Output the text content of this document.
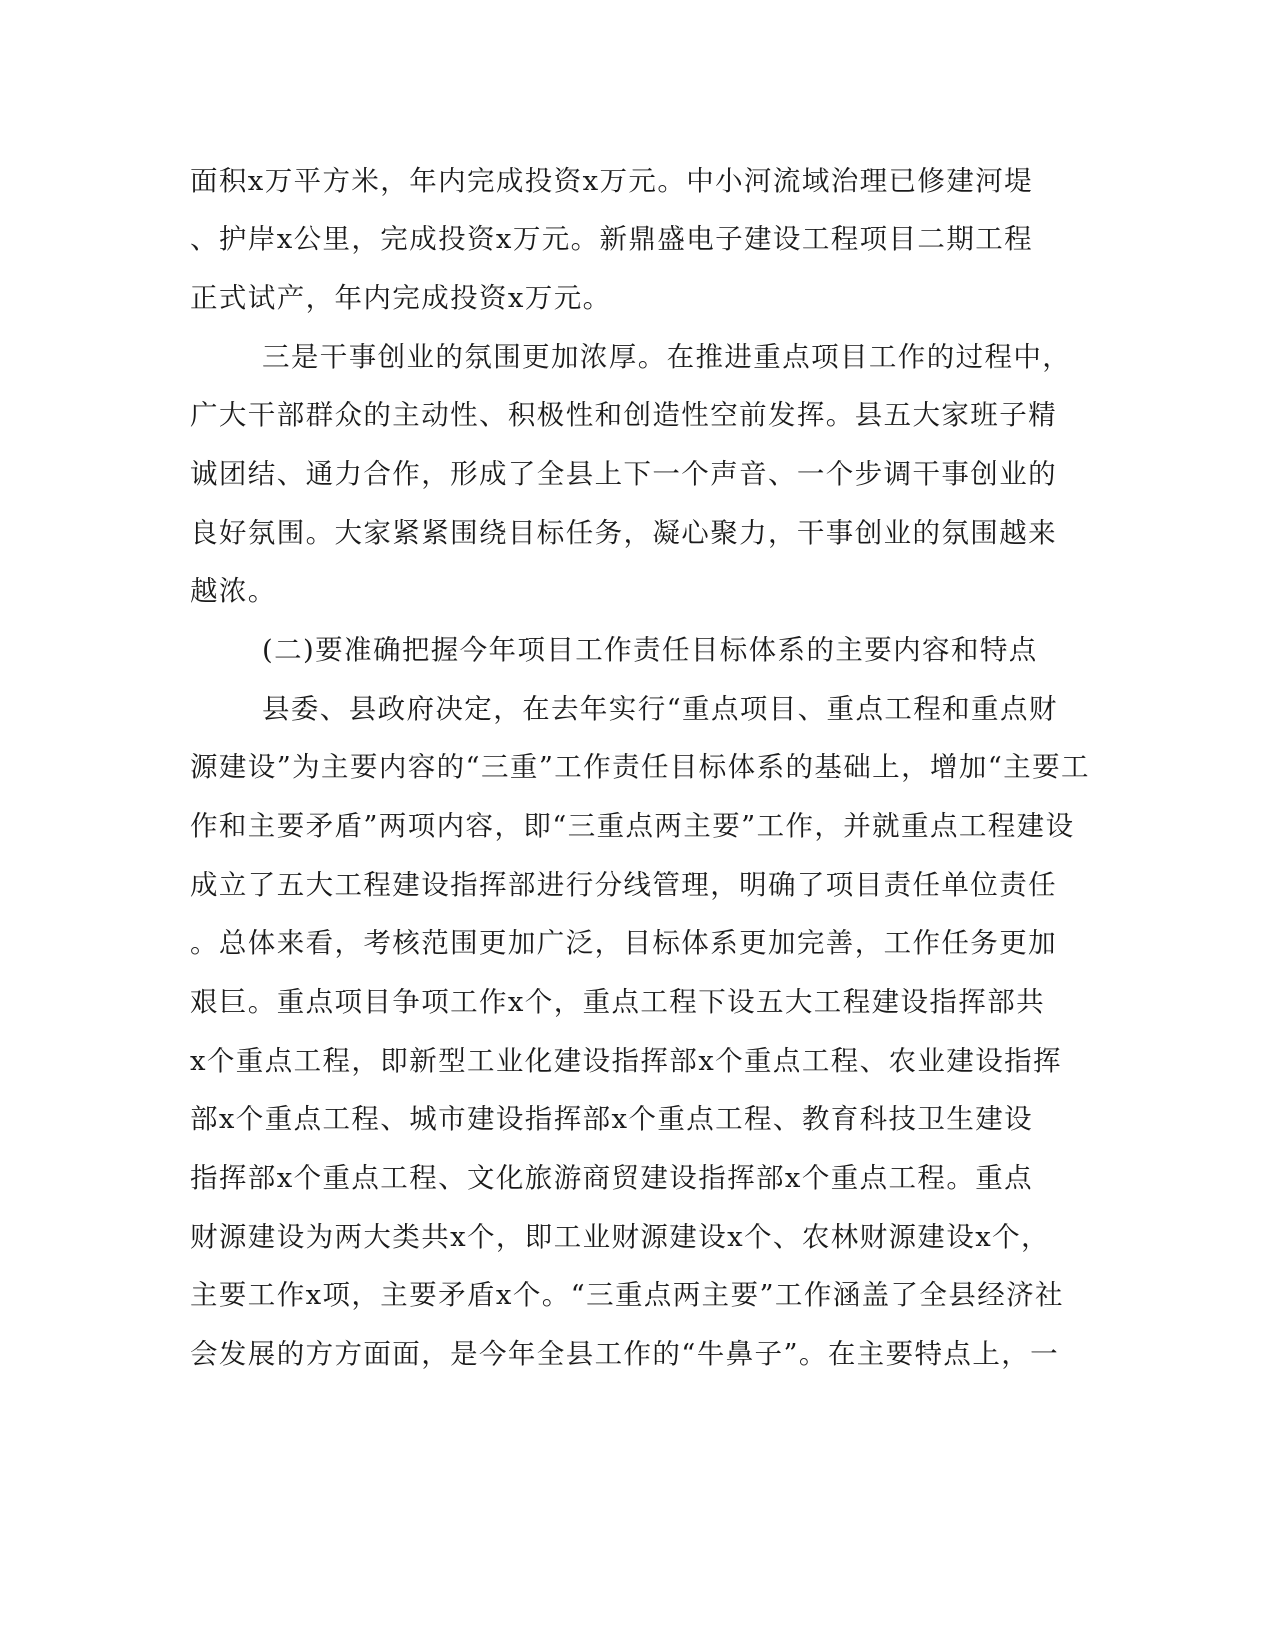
面积x万平方米，年内完成投资x万元。中小河流域治理已修建河堤

、护岸x公里，完成投资x万元。新鼎盛电子建设工程项目二期工程

正式试产，年内完成投资x万元。

三是干事创业的氛围更加浓厚。在推进重点项目工作的过程中，

广大干部群众的主动性、积极性和创造性空前发挥。县五大家班子精

诚团结、通力合作，形成了全县上下一个声音、一个步调干事创业的

良好氛围。大家紧紧围绕目标任务，凝心聚力，干事创业的氛围越来

越浓。

(二)要准确把握今年项目工作责任目标体系的主要内容和特点

县委、县政府决定，在去年实行“重点项目、重点工程和重点财

源建设”为主要内容的“三重”工作责任目标体系的基础上，增加“主要工

作和主要矛盾”两项内容，即“三重点两主要”工作，并就重点工程建设

成立了五大工程建设指挥部进行分线管理，明确了项目责任单位责任

。总体来看，考核范围更加广泛，目标体系更加完善，工作任务更加

艰巨。重点项目争项工作x个，重点工程下设五大工程建设指挥部共

x个重点工程，即新型工业化建设指挥部x个重点工程、农业建设指挥

部x个重点工程、城市建设指挥部x个重点工程、教育科技卫生建设

指挥部x个重点工程、文化旅游商贸建设指挥部x个重点工程。重点

财源建设为两大类共x个，即工业财源建设x个、农林财源建设x个，

主要工作x项，主要矛盾x个。“三重点两主要”工作涵盖了全县经济社

会发展的方方面面，是今年全县工作的“牛鼻子”。在主要特点上，一
